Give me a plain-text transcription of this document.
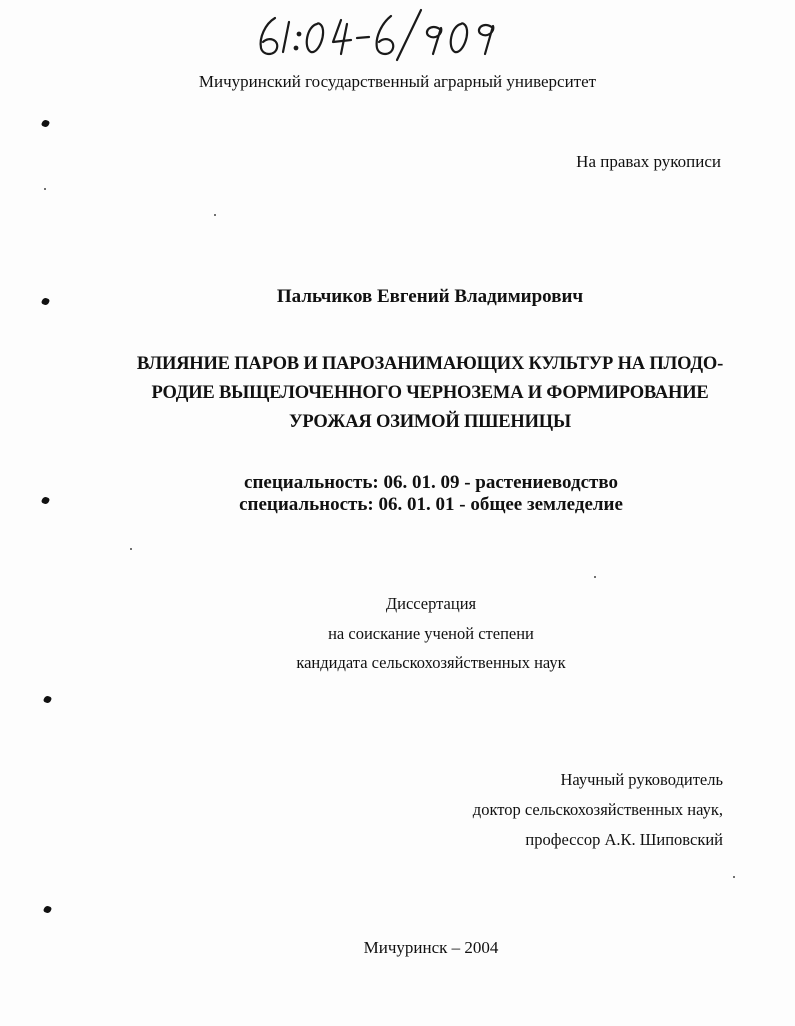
Мичуринский государственный аграрный университет
На правах рукописи
Пальчиков Евгений Владимирович
ВЛИЯНИЕ ПАРОВ И ПАРОЗАНИМАЮЩИХ КУЛЬТУР НА ПЛОДО-
РОДИЕ ВЫЩЕЛОЧЕННОГО ЧЕРНОЗЕМА И ФОРМИРОВАНИЕ
УРОЖАЯ ОЗИМОЙ ПШЕНИЦЫ
специальность: 06. 01. 09 - растениеводство
специальность: 06. 01. 01 - общее земледелие
Диссертация
на соискание ученой степени
кандидата сельскохозяйственных наук
Научный руководитель
доктор сельскохозяйственных наук,
профессор А.К. Шиповский
Мичуринск – 2004
